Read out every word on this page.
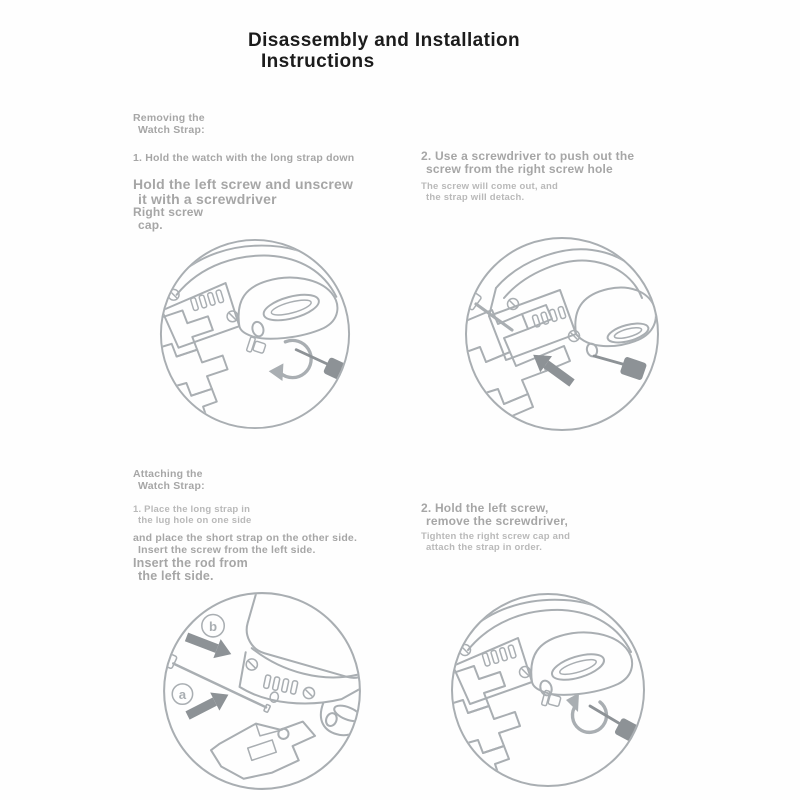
Disassembly and Installation
Instructions
Removing the
Watch Strap:
1. Hold the watch with the long strap down
Hold the left screw and unscrew
it with a screwdriver
Right screw
cap.
2. Use a screwdriver to push out the
screw from the right screw hole
The screw will come out, and
the strap will detach.
Attaching the
Watch Strap:
1. Place the long strap in
the lug hole on one side
and place the short strap on the other side.
Insert the screw from the left side.
Insert the rod from
the left side.
2. Hold the left screw,
remove the screwdriver,
Tighten the right screw cap and
attach the strap in order.
b
a
